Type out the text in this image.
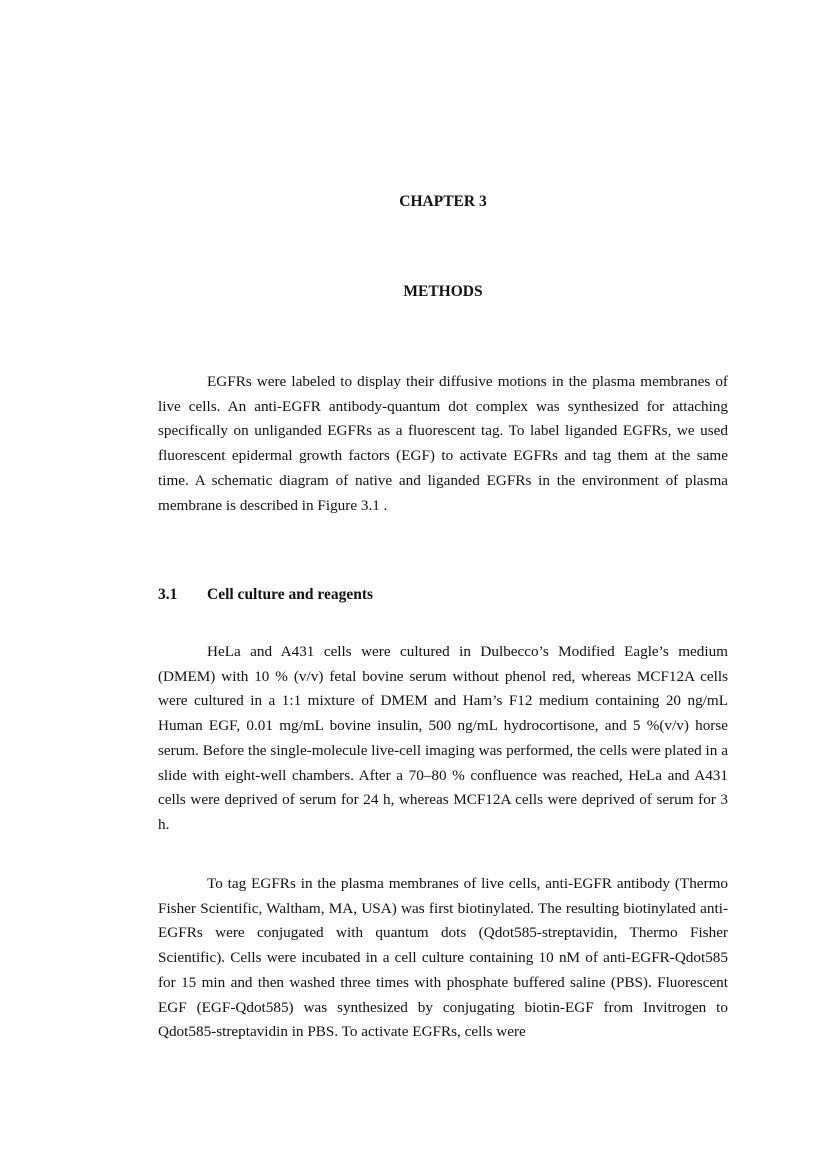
CHAPTER 3
METHODS

EGFRs were labeled to display their diffusive motions in the plasma membranes of live cells. An anti-EGFR antibody-quantum dot complex was synthesized for attaching specifically on unliganded EGFRs as a fluorescent tag. To label liganded EGFRs, we used fluorescent epidermal growth factors (EGF) to activate EGFRs and tag them at the same time. A schematic diagram of native and liganded EGFRs in the environment of plasma membrane is described in Figure 3.1 .

3.1 Cell culture and reagents

HeLa and A431 cells were cultured in Dulbecco’s Modified Eagle’s medium (DMEM) with 10 % (v/v) fetal bovine serum without phenol red, whereas MCF12A cells were cultured in a 1:1 mixture of DMEM and Ham’s F12 medium containing 20 ng/mL Human EGF, 0.01 mg/mL bovine insulin, 500 ng/mL hydrocortisone, and 5 %(v/v) horse serum. Before the single-molecule live-cell imaging was performed, the cells were plated in a slide with eight-well chambers. After a 70–80 % confluence was reached, HeLa and A431 cells were deprived of serum for 24 h, whereas MCF12A cells were deprived of serum for 3 h.

To tag EGFRs in the plasma membranes of live cells, anti-EGFR antibody (Thermo Fisher Scientific, Waltham, MA, USA) was first biotinylated. The resulting biotinylated anti-EGFRs were conjugated with quantum dots (Qdot585-streptavidin, Thermo Fisher Scientific). Cells were incubated in a cell culture containing 10 nM of anti-EGFR-Qdot585 for 15 min and then washed three times with phosphate buffered saline (PBS). Fluorescent EGF (EGF-Qdot585) was synthesized by conjugating biotin-EGF from Invitrogen to Qdot585-streptavidin in PBS. To activate EGFRs, cells were
